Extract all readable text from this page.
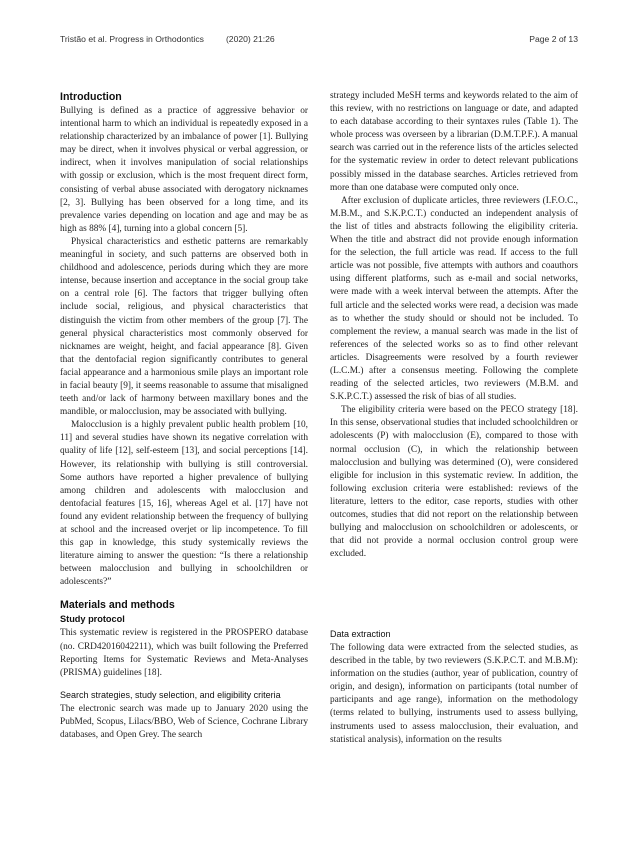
Tristão et al. Progress in Orthodontics	(2020) 21:26	Page 2 of 13
Introduction

Bullying is defined as a practice of aggressive behavior or intentional harm to which an individual is repeatedly exposed in a relationship characterized by an imbalance of power [1]. Bullying may be direct, when it involves physical or verbal aggression, or indirect, when it involves manipulation of social relationships with gossip or exclusion, which is the most frequent direct form, consisting of verbal abuse associated with derogatory nicknames [2, 3]. Bullying has been observed for a long time, and its prevalence varies depending on location and age and may be as high as 88% [4], turning into a global concern [5].

Physical characteristics and esthetic patterns are remarkably meaningful in society, and such patterns are observed both in childhood and adolescence, periods during which they are more intense, because insertion and acceptance in the social group take on a central role [6]. The factors that trigger bullying often include social, religious, and physical characteristics that distinguish the victim from other members of the group [7]. The general physical characteristics most commonly observed for nicknames are weight, height, and facial appearance [8]. Given that the dentofacial region significantly contributes to general facial appearance and a harmonious smile plays an important role in facial beauty [9], it seems reasonable to assume that misaligned teeth and/or lack of harmony between maxillary bones and the mandible, or malocclusion, may be associated with bullying.

Malocclusion is a highly prevalent public health problem [10, 11] and several studies have shown its negative correlation with quality of life [12], self-esteem [13], and social perceptions [14]. However, its relationship with bullying is still controversial. Some authors have reported a higher prevalence of bullying among children and adolescents with malocclusion and dentofacial features [15, 16], whereas Agel et al. [17] have not found any evident relationship between the frequency of bullying at school and the increased overjet or lip incompetence. To fill this gap in knowledge, this study systemically reviews the literature aiming to answer the question: “Is there a relationship between malocclusion and bullying in schoolchildren or adolescents?”

Materials and methods
Study protocol

This systematic review is registered in the PROSPERO database (no. CRD42016042211), which was built following the Preferred Reporting Items for Systematic Reviews and Meta-Analyses (PRISMA) guidelines [18].

Search strategies, study selection, and eligibility criteria

The electronic search was made up to January 2020 using the PubMed, Scopus, Lilacs/BBO, Web of Science, Cochrane Library databases, and Open Grey. The search

strategy included MeSH terms and keywords related to the aim of this review, with no restrictions on language or date, and adapted to each database according to their syntaxes rules (Table 1). The whole process was overseen by a librarian (D.M.T.P.F.). A manual search was carried out in the reference lists of the articles selected for the systematic review in order to detect relevant publications possibly missed in the database searches. Articles retrieved from more than one database were computed only once.

After exclusion of duplicate articles, three reviewers (I.F.O.C., M.B.M., and S.K.P.C.T.) conducted an independent analysis of the list of titles and abstracts following the eligibility criteria. When the title and abstract did not provide enough information for the selection, the full article was read. If access to the full article was not possible, five attempts with authors and coauthors using different platforms, such as e-mail and social networks, were made with a week interval between the attempts. After the full article and the selected works were read, a decision was made as to whether the study should or should not be included. To complement the review, a manual search was made in the list of references of the selected works so as to find other relevant articles. Disagreements were resolved by a fourth reviewer (L.C.M.) after a consensus meeting. Following the complete reading of the selected articles, two reviewers (M.B.M. and S.K.P.C.T.) assessed the risk of bias of all studies.

The eligibility criteria were based on the PECO strategy [18]. In this sense, observational studies that included schoolchildren or adolescents (P) with malocclusion (E), compared to those with normal occlusion (C), in which the relationship between malocclusion and bullying was determined (O), were considered eligible for inclusion in this systematic review. In addition, the following exclusion criteria were established: reviews of the literature, letters to the editor, case reports, studies with other outcomes, studies that did not report on the relationship between bullying and malocclusion on schoolchildren or adolescents, or that did not provide a normal occlusion control group were excluded.

Data extraction

The following data were extracted from the selected studies, as described in the table, by two reviewers (S.K.P.C.T. and M.B.M): information on the studies (author, year of publication, country of origin, and design), information on participants (total number of participants and age range), information on the methodology (terms related to bullying, instruments used to assess bullying, instruments used to assess malocclusion, their evaluation, and statistical analysis), information on the results
